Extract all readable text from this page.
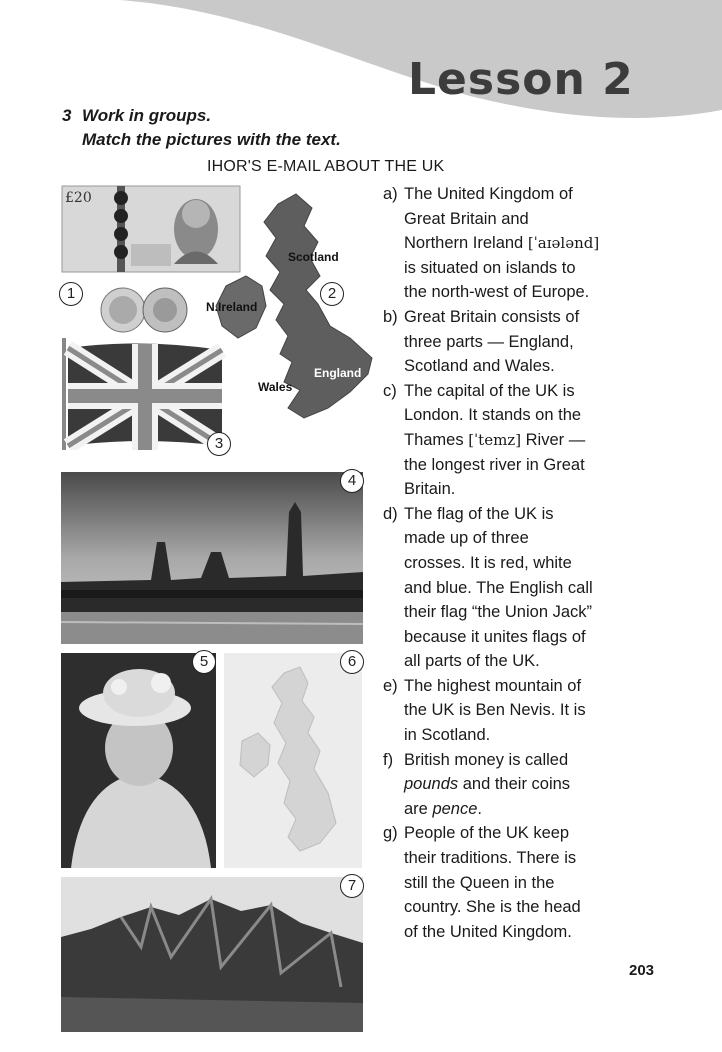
Lesson 2
3 Work in groups.
Match the pictures with the text.
IHOR'S E-MAIL ABOUT THE UK
£20
Scotland
N.Ireland
England
Wales
1	2
3
4
5	6
7
a) The United Kingdom of
Great Britain and
Northern Ireland [ˈaɪələnd]
is situated on islands to
the north-west of Europe.
b) Great Britain consists of
three parts — England,
Scotland and Wales.
c) The capital of the UK is
London. It stands on the
Thames [ˈtemz] River —
the longest river in Great
Britain.
d) The flag of the UK is
made up of three
crosses. It is red, white
and blue. The English call
their flag “the Union Jack”
because it unites flags of
all parts of the UK.
e) The highest mountain of
the UK is Ben Nevis. It is
in Scotland.
f) British money is called
pounds and their coins
are pence.
g) People of the UK keep
their traditions. There is
still the Queen in the
country. She is the head
of the United Kingdom.
203
